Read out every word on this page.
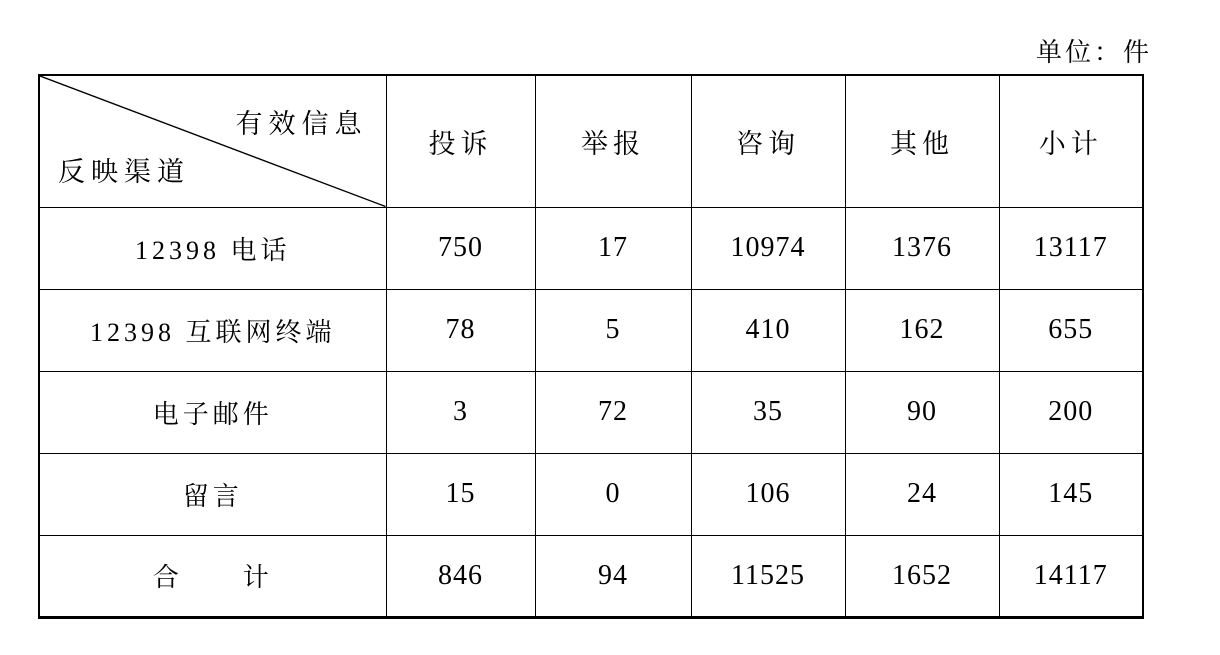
单位：件
有效信息
反映渠道	投诉	举报	咨询	其他	小计
12398 电话	750	17	10974	1376	13117
12398 互联网终端	78	5	410	162	655
电子邮件	3	72	35	90	200
留言	15	0	106	24	145
合　　计	846	94	11525	1652	14117
